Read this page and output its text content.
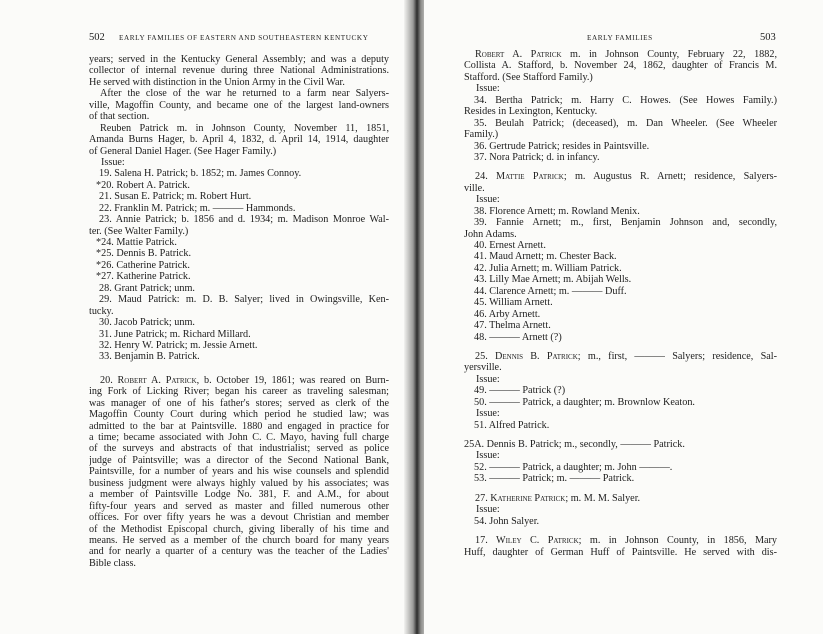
502 EARLY FAMILIES OF EASTERN AND SOUTHEASTERN KENTUCKY
years; served in the Kentucky General Assembly; and was a deputy
collector of internal revenue during three National Administrations.
He served with distinction in the Union Army in the Civil War.
After the close of the war he returned to a farm near Salyers-
ville, Magoffin County, and became one of the largest land-owners
of that section.
Reuben Patrick m. in Johnson County, November 11, 1851,
Amanda Burns Hager, b. April 4, 1832, d. April 14, 1914, daughter
of General Daniel Hager. (See Hager Family.)
Issue:
19. Salena H. Patrick; b. 1852; m. James Connoy.
*20. Robert A. Patrick.
21. Susan E. Patrick; m. Robert Hurt.
22. Franklin M. Patrick; m. ——— Hammonds.
23. Annie Patrick; b. 1856 and d. 1934; m. Madison Monroe Wal-
ter. (See Walter Family.)
*24. Mattie Patrick.
*25. Dennis B. Patrick.
*26. Catherine Patrick.
*27. Katherine Patrick.
28. Grant Patrick; unm.
29. Maud Patrick: m. D. B. Salyer; lived in Owingsville, Ken-
tucky.
30. Jacob Patrick; unm.
31. June Patrick; m. Richard Millard.
32. Henry W. Patrick; m. Jessie Arnett.
33. Benjamin B. Patrick.
20. Robert A. Patrick, b. October 19, 1861; was reared on Burn-
ing Fork of Licking River; began his career as traveling salesman;
was manager of one of his father's stores; served as clerk of the
Magoffin County Court during which period he studied law; was
admitted to the bar at Paintsville. 1880 and engaged in practice for
a time; became associated with John C. C. Mayo, having full charge
of the surveys and abstracts of that industrialist; served as police
judge of Paintsville; was a director of the Second National Bank,
Paintsville, for a number of years and his wise counsels and splendid
business judgment were always highly valued by his associates; was
a member of Paintsville Lodge No. 381, F. and A.M., for about
fifty-four years and served as master and filled numerous other
offices. For over fifty years he was a devout Christian and member
of the Methodist Episcopal church, giving liberally of his time and
means. He served as a member of the church board for many years
and for nearly a quarter of a century was the teacher of the Ladies'
Bible class.
EARLY FAMILIES	503
Robert A. Patrick m. in Johnson County, February 22, 1882,
Collista A. Stafford, b. November 24, 1862, daughter of Francis M.
Stafford. (See Stafford Family.)
Issue:
34. Bertha Patrick; m. Harry C. Howes. (See Howes Family.)
Resides in Lexington, Kentucky.
35. Beulah Patrick; (deceased), m. Dan Wheeler. (See Wheeler
Family.)
36. Gertrude Patrick; resides in Paintsville.
37. Nora Patrick; d. in infancy.
24. Mattie Patrick; m. Augustus R. Arnett; residence, Salyers-
ville.
Issue:
38. Florence Arnett; m. Rowland Menix.
39. Fannie Arnett; m., first, Benjamin Johnson and, secondly,
John Adams.
40. Ernest Arnett.
41. Maud Arnett; m. Chester Back.
42. Julia Arnett; m. William Patrick.
43. Lilly Mae Arnett; m. Abijah Wells.
44. Clarence Arnett; m. ——— Duff.
45. William Arnett.
46. Arby Arnett.
47. Thelma Arnett.
48. ——— Arnett (?)
25. Dennis B. Patrick; m., first, ——— Salyers; residence, Sal-
yersville.
Issue:
49. ——— Patrick (?)
50. ——— Patrick, a daughter; m. Brownlow Keaton.
Issue:
51. Alfred Patrick.
25A. Dennis B. Patrick; m., secondly, ——— Patrick.
Issue:
52. ——— Patrick, a daughter; m. John ———.
53. ——— Patrick; m. ——— Patrick.
27. Katherine Patrick; m. M. M. Salyer.
Issue:
54. John Salyer.
17. Wiley C. Patrick; m. in Johnson County, in 1856, Mary
Huff, daughter of German Huff of Paintsville. He served with dis-
